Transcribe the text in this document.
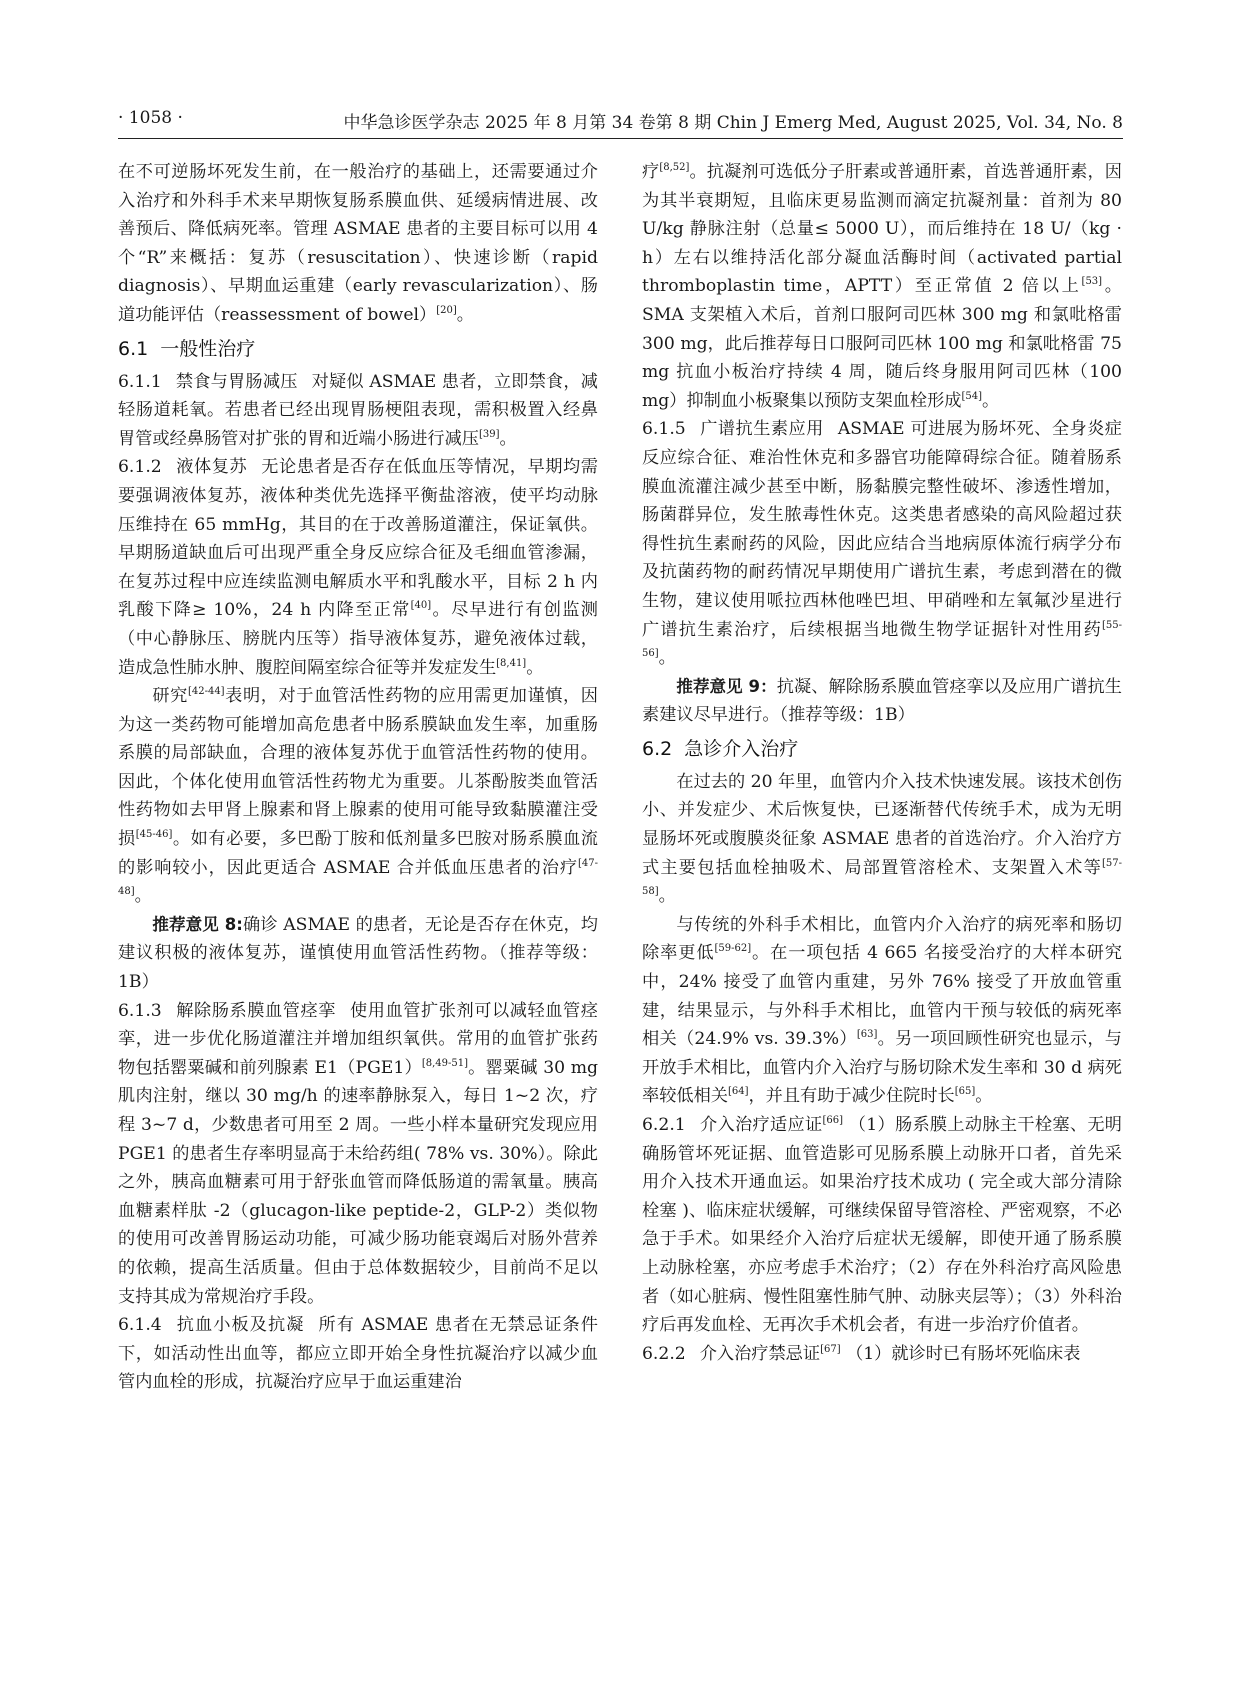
· 1058 ·	中华急诊医学杂志 2025 年 8 月第 34 卷第 8 期 Chin J Emerg Med, August 2025, Vol. 34, No. 8

在不可逆肠坏死发生前，在一般治疗的基础上，还需要通过介入治疗和外科手术来早期恢复肠系膜血供、延缓病情进展、改善预后、降低病死率。管理 ASMAE 患者的主要目标可以用 4 个“R”来概括：复苏（resuscitation）、快速诊断（rapid diagnosis）、早期血运重建（early revascularization）、肠道功能评估（reassessment of bowel）[20]。

6.1 一般性治疗

6.1.1 禁食与胃肠减压 对疑似 ASMAE 患者，立即禁食，减轻肠道耗氧。若患者已经出现胃肠梗阻表现，需积极置入经鼻胃管或经鼻肠管对扩张的胃和近端小肠进行减压[39]。

6.1.2 液体复苏 无论患者是否存在低血压等情况，早期均需要强调液体复苏，液体种类优先选择平衡盐溶液，使平均动脉压维持在 65 mmHg，其目的在于改善肠道灌注，保证氧供。早期肠道缺血后可出现严重全身反应综合征及毛细血管渗漏，在复苏过程中应连续监测电解质水平和乳酸水平，目标 2 h 内乳酸下降≥ 10%，24 h 内降至正常[40]。尽早进行有创监测（中心静脉压、膀胱内压等）指导液体复苏，避免液体过载，造成急性肺水肿、腹腔间隔室综合征等并发症发生[8,41]。

研究[42-44]表明，对于血管活性药物的应用需更加谨慎，因为这一类药物可能增加高危患者中肠系膜缺血发生率，加重肠系膜的局部缺血，合理的液体复苏优于血管活性药物的使用。因此，个体化使用血管活性药物尤为重要。儿茶酚胺类血管活性药物如去甲肾上腺素和肾上腺素的使用可能导致黏膜灌注受损[45-46]。如有必要，多巴酚丁胺和低剂量多巴胺对肠系膜血流的影响较小，因此更适合 ASMAE 合并低血压患者的治疗[47-48]。

推荐意见 8:确诊 ASMAE 的患者，无论是否存在休克，均建议积极的液体复苏，谨慎使用血管活性药物。（推荐等级：1B）

6.1.3 解除肠系膜血管痉挛 使用血管扩张剂可以减轻血管痉挛，进一步优化肠道灌注并增加组织氧供。常用的血管扩张药物包括罂粟碱和前列腺素 E1（PGE1）[8,49-51]。罂粟碱 30 mg 肌肉注射，继以 30 mg/h 的速率静脉泵入，每日 1~2 次，疗程 3~7 d，少数患者可用至 2 周。一些小样本量研究发现应用 PGE1 的患者生存率明显高于未给药组( 78% vs. 30%）。除此之外，胰高血糖素可用于舒张血管而降低肠道的需氧量。胰高血糖素样肽 -2（glucagon-like peptide-2，GLP-2）类似物的使用可改善胃肠运动功能，可减少肠功能衰竭后对肠外营养的依赖，提高生活质量。但由于总体数据较少，目前尚不足以支持其成为常规治疗手段。

6.1.4 抗血小板及抗凝 所有 ASMAE 患者在无禁忌证条件下，如活动性出血等，都应立即开始全身性抗凝治疗以减少血管内血栓的形成，抗凝治疗应早于血运重建治

疗[8,52]。抗凝剂可选低分子肝素或普通肝素，首选普通肝素，因为其半衰期短，且临床更易监测而滴定抗凝剂量：首剂为 80 U/kg 静脉注射（总量≤ 5000 U），而后维持在 18 U/（kg · h）左右以维持活化部分凝血活酶时间（activated partial thromboplastin time，APTT）至正常值 2 倍以上[53]。SMA 支架植入术后，首剂口服阿司匹林 300 mg 和氯吡格雷 300 mg，此后推荐每日口服阿司匹林 100 mg 和氯吡格雷 75 mg 抗血小板治疗持续 4 周，随后终身服用阿司匹林（100 mg）抑制血小板聚集以预防支架血栓形成[54]。

6.1.5 广谱抗生素应用 ASMAE 可进展为肠坏死、全身炎症反应综合征、难治性休克和多器官功能障碍综合征。随着肠系膜血流灌注减少甚至中断，肠黏膜完整性破坏、渗透性增加，肠菌群异位，发生脓毒性休克。这类患者感染的高风险超过获得性抗生素耐药的风险，因此应结合当地病原体流行病学分布及抗菌药物的耐药情况早期使用广谱抗生素，考虑到潜在的微生物，建议使用哌拉西林他唑巴坦、甲硝唑和左氧氟沙星进行广谱抗生素治疗，后续根据当地微生物学证据针对性用药[55-56]。

推荐意见 9：抗凝、解除肠系膜血管痉挛以及应用广谱抗生素建议尽早进行。（推荐等级：1B）

6.2 急诊介入治疗

在过去的 20 年里，血管内介入技术快速发展。该技术创伤小、并发症少、术后恢复快，已逐渐替代传统手术，成为无明显肠坏死或腹膜炎征象 ASMAE 患者的首选治疗。介入治疗方式主要包括血栓抽吸术、局部置管溶栓术、支架置入术等[57-58]。

与传统的外科手术相比，血管内介入治疗的病死率和肠切除率更低[59-62]。在一项包括 4 665 名接受治疗的大样本研究中，24% 接受了血管内重建，另外 76% 接受了开放血管重建，结果显示，与外科手术相比，血管内干预与较低的病死率相关（24.9% vs. 39.3%）[63]。另一项回顾性研究也显示，与开放手术相比，血管内介入治疗与肠切除术发生率和 30 d 病死率较低相关[64]，并且有助于减少住院时长[65]。

6.2.1 介入治疗适应证[66] （1）肠系膜上动脉主干栓塞、无明确肠管坏死证据、血管造影可见肠系膜上动脉开口者，首先采用介入技术开通血运。如果治疗技术成功 ( 完全或大部分清除栓塞 )、临床症状缓解，可继续保留导管溶栓、严密观察，不必急于手术。如果经介入治疗后症状无缓解，即使开通了肠系膜上动脉栓塞，亦应考虑手术治疗；（2）存在外科治疗高风险患者（如心脏病、慢性阻塞性肺气肿、动脉夹层等）；（3）外科治疗后再发血栓、无再次手术机会者，有进一步治疗价值者。

6.2.2 介入治疗禁忌证[67] （1）就诊时已有肠坏死临床表
